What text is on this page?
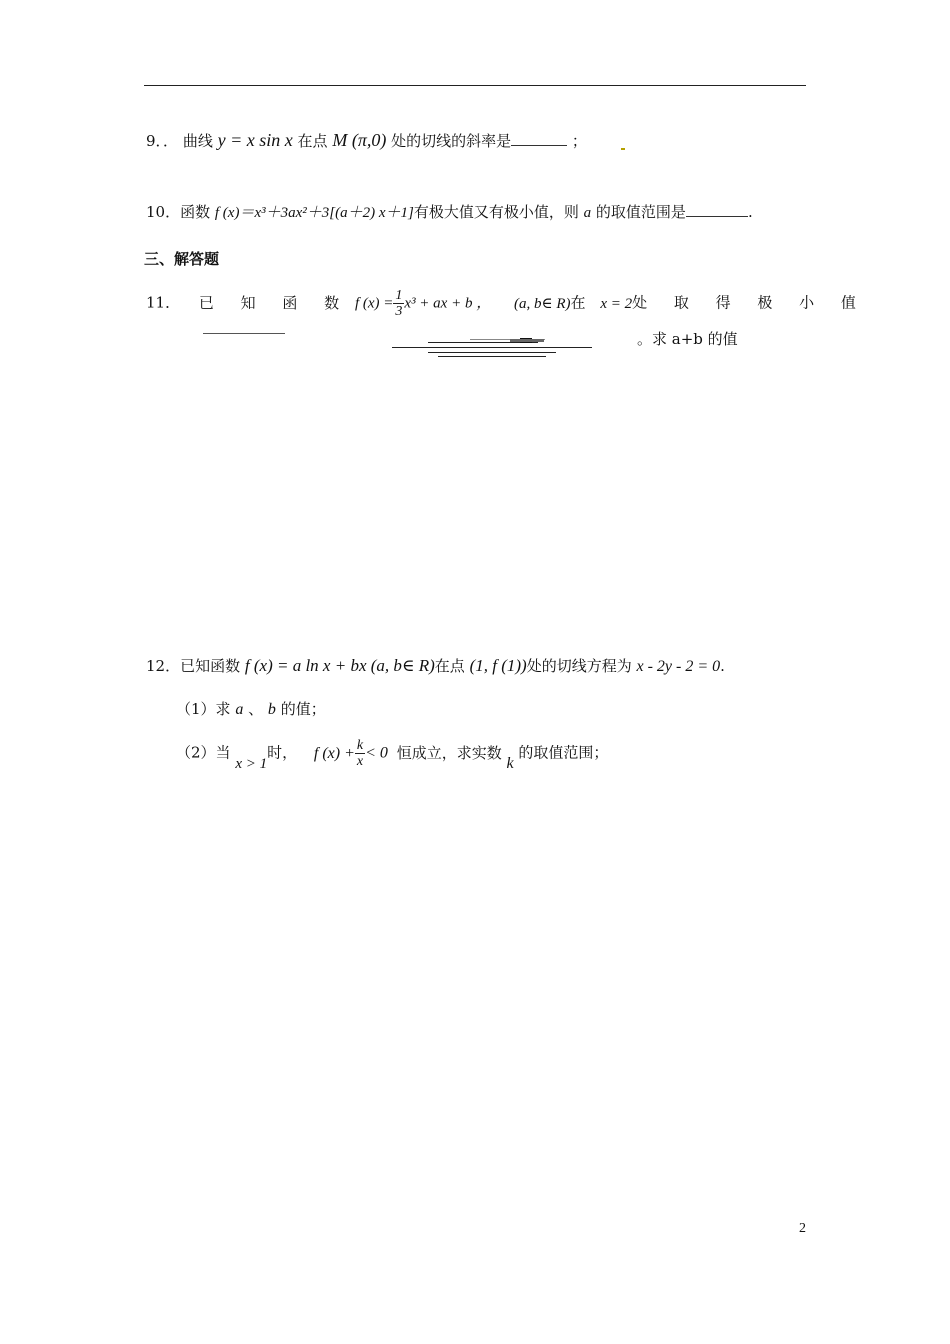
9．． 曲线 y = x sin x 在点 M (π,0) 处的切线的斜率是	；
10．函数 f (x)＝x³＋3ax²＋3[(a＋2) x＋1]有极大值又有极小值，则 a 的取值范围是	.
三、解答题
11． 已 知 函 数 f $(x) = \frac{1}{3} x^3$ + ax + b ， (a, b∈ R)在 x = 2处 取 得 极 小 值
。求 a+b 的值
12．已知函数 f (x) = a ln x + bx (a, b∈ R)在点 (1, f (1))处的切线方程为 x - 2y - 2 = 0.
（1）求 a 、 b 的值；
（2）当 x > 1时， f $(x) + \frac{k}{x} < 0$ 恒成立，求实数 k 的取值范围；
2
